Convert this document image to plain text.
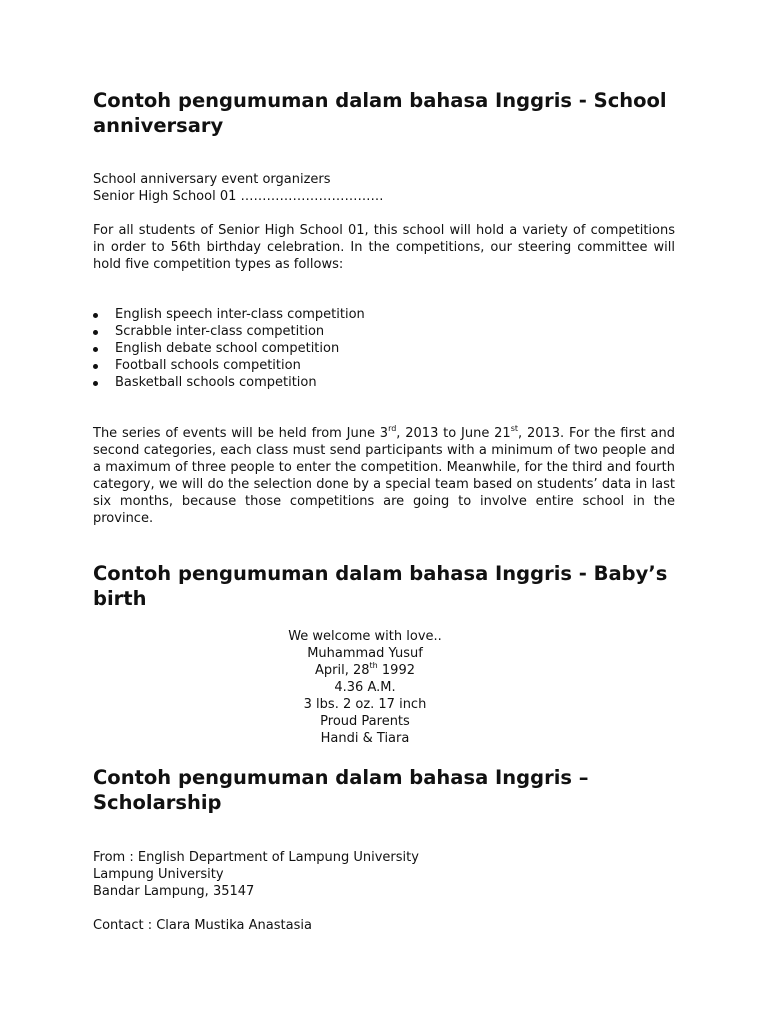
Contoh pengumuman dalam bahasa Inggris - School anniversary

School anniversary event organizers

Senior High School 01 ……………………………

For all students of Senior High School 01, this school will hold a variety of competitions in order to 56th birthday celebration. In the competitions, our steering committee will hold five competition types as follows:
English speech inter-class competition
Scrabble inter-class competition
English debate school competition
Football schools competition
Basketball schools competition
The series of events will be held from June 3rd, 2013 to June 21st, 2013. For the first and second categories, each class must send participants with a minimum of two people and a maximum of three people to enter the competition. Meanwhile, for the third and fourth category, we will do the selection done by a special team based on students’ data in last six months, because those competitions are going to involve entire school in the province.
Contoh pengumuman dalam bahasa Inggris - Baby’s birth

We welcome with love..

Muhammad Yusuf

April, 28th 1992

4.36 A.M.

3 lbs. 2 oz. 17 inch

Proud Parents

Handi & Tiara

Contoh pengumuman dalam bahasa Inggris – Scholarship

From : English Department of Lampung University

Lampung University

Bandar Lampung, 35147

Contact : Clara Mustika Anastasia
